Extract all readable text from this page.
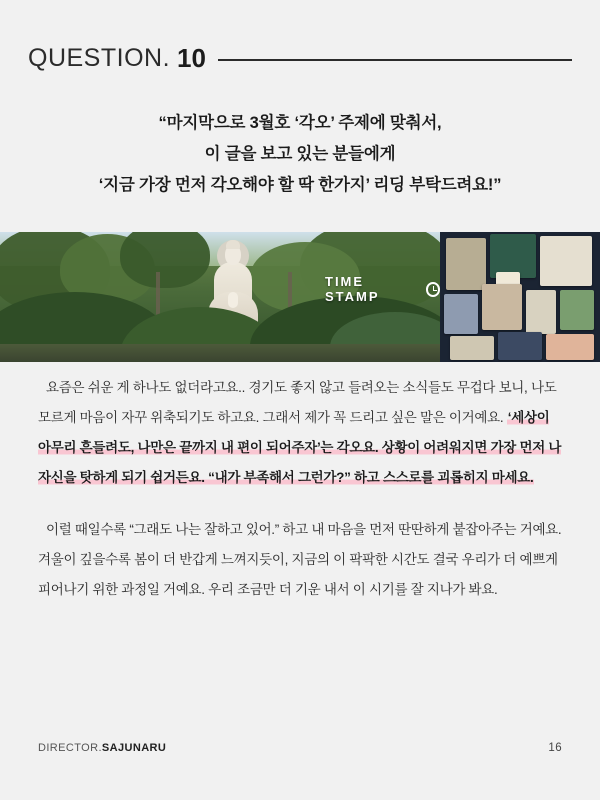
QUESTION. 10
“마지막으로 3월호 ‘각오’ 주제에 맞춰서,
이 글을 보고 있는 분들에게
‘지금 가장 먼저 각오해야 할 딱 한가지’ 리딩 부탁드려요!”
TIME STAMP

요즘은 쉬운 게 하나도 없더라고요.. 경기도 좋지 않고 들려오는 소식들도 무겁다 보니, 나도 모르게 마음이 자꾸 위축되기도 하고요. 그래서 제가 꼭 드리고 싶은 말은 이거예요. ‘세상이 아무리 흔들려도, 나만은 끝까지 내 편이 되어주자’는 각오요. 상황이 어려워지면 가장 먼저 나 자신을 탓하게 되기 쉽거든요. “내가 부족해서 그런가?” 하고 스스로를 괴롭히지 마세요.

이럴 때일수록 “그래도 나는 잘하고 있어.” 하고 내 마음을 먼저 딴딴하게 붙잡아주는 거예요. 겨울이 깊을수록 봄이 더 반갑게 느껴지듯이, 지금의 이 팍팍한 시간도 결국 우리가 더 예쁘게 피어나기 위한 과정일 거예요. 우리 조금만 더 기운 내서 이 시기를 잘 지나가 봐요.

DIRECTOR.SAJUNARU	16
